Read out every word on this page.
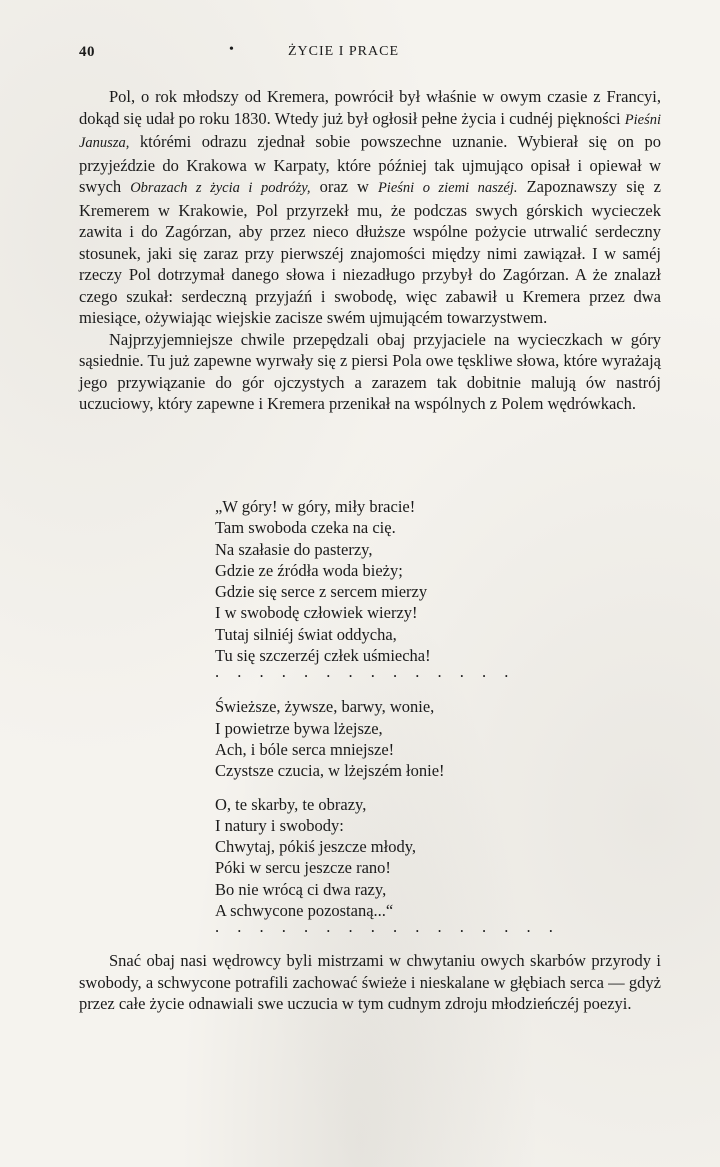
40	•	ŻYCIE I PRACE

Pol, o rok młodszy od Kremera, powrócił był właśnie w owym czasie z Francyi, dokąd się udał po roku 1830. Wtedy już był ogłosił pełne życia i cudnéj piękności Pieśni Janusza, którémi odrazu zjednał sobie powszechne uznanie. Wybierał się on po przyjeździe do Krakowa w Karpaty, które później tak ujmująco opisał i opiewał w swych Obrazach z życia i podróży, oraz w Pieśni o ziemi naszéj. Zapoznawszy się z Kremerem w Krakowie, Pol przyrzekł mu, że podczas swych górskich wycieczek zawita i do Zagórzan, aby przez nieco dłuższe wspólne pożycie utrwalić serdeczny stosunek, jaki się zaraz przy pierwszéj znajomości między nimi zawiązał. I w saméj rzeczy Pol dotrzymał danego słowa i niezadługo przybył do Zagórzan. A że znalazł czego szukał: serdeczną przyjaźń i swobodę, więc zabawił u Kremera przez dwa miesiące, ożywiając wiejskie zacisze swém ujmującém towarzystwem.

Najprzyjemniejsze chwile przepędzali obaj przyjaciele na wycieczkach w góry sąsiednie. Tu już zapewne wyrwały się z piersi Pola owe tęskliwe słowa, które wyrażają jego przywiązanie do gór ojczystych a zarazem tak dobitnie malują ów nastrój uczuciowy, który zapewne i Kremera przenikał na wspólnych z Polem wędrówkach.

„W góry! w góry, miły bracie!
Tam swoboda czeka na cię.
Na szałasie do pasterzy,
Gdzie ze źródła woda bieży;
Gdzie się serce z sercem mierzy
I w swobodę człowiek wierzy!
Tutaj silniéj świat oddycha,
Tu się szczerzéj człek uśmiecha!
. . . . . . . . . . . . . .
Świeższe, żywsze, barwy, wonie,
I powietrze bywa lżejsze,
Ach, i bóle serca mniejsze!
Czystsze czucia, w lżejszém łonie!
O, te skarby, te obrazy,
I natury i swobody:
Chwytaj, pókiś jeszcze młody,
Póki w sercu jeszcze rano!
Bo nie wrócą ci dwa razy,
A schwycone pozostaną...“
. . . . . . . . . . . . . . . .

Snać obaj nasi wędrowcy byli mistrzami w chwytaniu owych skarbów przyrody i swobody, a schwycone potrafili zachować świeże i nieskalane w głębiach serca — gdyż przez całe życie odnawiali swe uczucia w tym cudnym zdroju młodzieńczéj poezyi.
